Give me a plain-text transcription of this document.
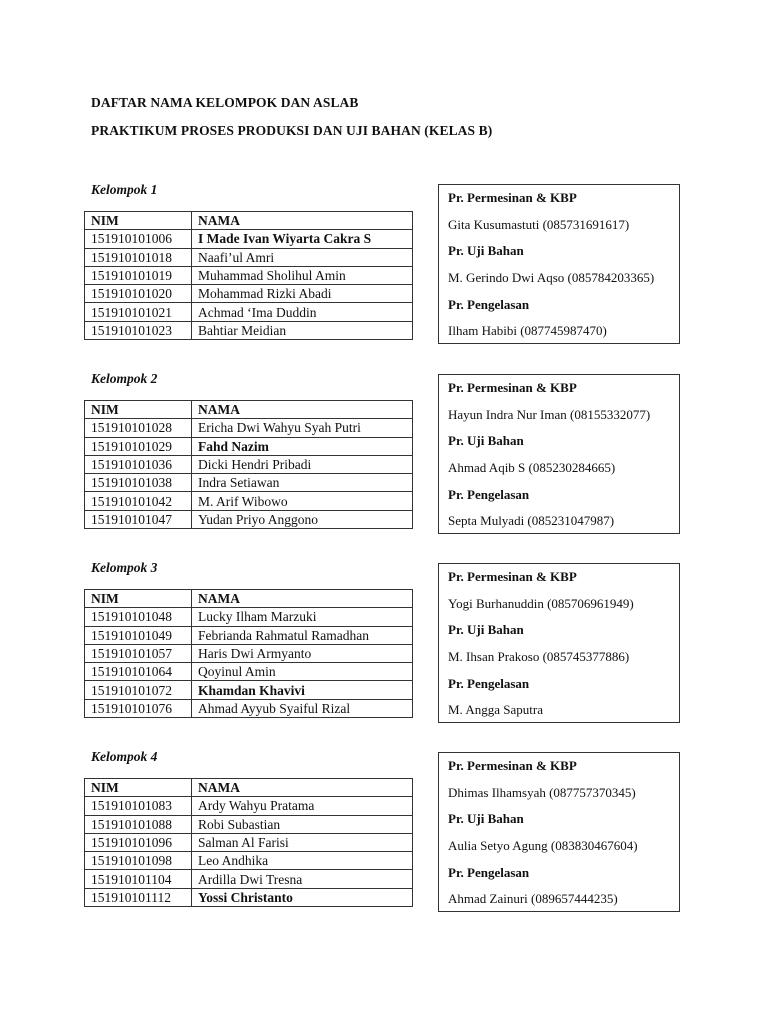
DAFTAR NAMA KELOMPOK DAN ASLAB
PRAKTIKUM PROSES PRODUKSI DAN UJI BAHAN (KELAS B)
Kelompok 1
NIM	NAMA
151910101006	I Made Ivan Wiyarta Cakra S
151910101018	Naafi’ul Amri
151910101019	Muhammad Sholihul Amin
151910101020	Mohammad Rizki Abadi
151910101021	Achmad ‘Ima Duddin
151910101023	Bahtiar Meidian
Pr. Permesinan & KBP
Gita Kusumastuti (085731691617)
Pr. Uji Bahan
M. Gerindo Dwi Aqso (085784203365)
Pr. Pengelasan
Ilham Habibi (087745987470)
Kelompok 2
NIM	NAMA
151910101028	Ericha Dwi Wahyu Syah Putri
151910101029	Fahd Nazim
151910101036	Dicki Hendri Pribadi
151910101038	Indra Setiawan
151910101042	M. Arif Wibowo
151910101047	Yudan Priyo Anggono
Pr. Permesinan & KBP
Hayun Indra Nur Iman (08155332077)
Pr. Uji Bahan
Ahmad Aqib S (085230284665)
Pr. Pengelasan
Septa Mulyadi (085231047987)
Kelompok 3
NIM	NAMA
151910101048	Lucky Ilham Marzuki
151910101049	Febrianda Rahmatul Ramadhan
151910101057	Haris Dwi Armyanto
151910101064	Qoyinul Amin
151910101072	Khamdan Khavivi
151910101076	Ahmad Ayyub Syaiful Rizal
Pr. Permesinan & KBP
Yogi Burhanuddin (085706961949)
Pr. Uji Bahan
M. Ihsan Prakoso (085745377886)
Pr. Pengelasan
M. Angga Saputra
Kelompok 4
NIM	NAMA
151910101083	Ardy Wahyu Pratama
151910101088	Robi Subastian
151910101096	Salman Al Farisi
151910101098	Leo Andhika
151910101104	Ardilla Dwi Tresna
151910101112	Yossi Christanto
Pr. Permesinan & KBP
Dhimas Ilhamsyah (087757370345)
Pr. Uji Bahan
Aulia Setyo Agung (083830467604)
Pr. Pengelasan
Ahmad Zainuri (089657444235)
